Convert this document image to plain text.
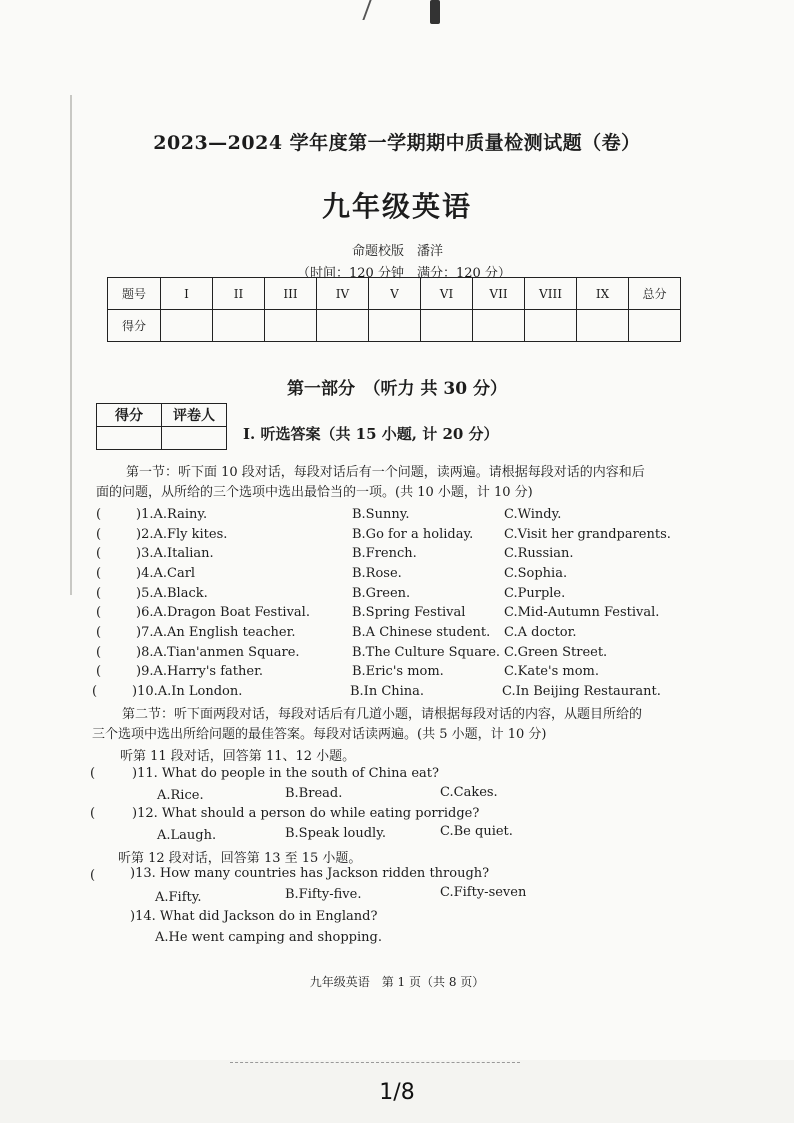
2023—2024 学年度第一学期期中质量检测试题（卷）
九年级英语
命题校版　潘洋
（时间：120 分钟　满分：120 分）
题号	I	II	III	IV	V	VI	VII	VIII	IX	总分
得分										
第一部分　（听力 共 30 分）
得分	评卷人

I. 听选答案（共 15 小题, 计 20 分）
第一节：听下面 10 段对话，每段对话后有一个问题，读两遍。请根据每段对话的内容和后
面的问题，从所给的三个选项中选出最恰当的一项。(共 10 小题，计 10 分)
(	)1.A.Rainy.	B.Sunny.	C.Windy.
(	)2.A.Fly kites.	B.Go for a holiday. C.Visit her grandparents.
(	)3.A.Italian.	B.French.	C.Russian.
(	)4.A.Carl	B.Rose.	C.Sophia.
(	)5.A.Black.	B.Green.	C.Purple.
(	)6.A.Dragon Boat Festival.	B.Spring Festival	C.Mid-Autumn Festival.
(	)7.A.An English teacher.	B.A Chinese student. C.A doctor.
(	)8.A.Tian'anmen Square.	B.The Culture Square. C.Green Street.
(	)9.A.Harry's father.	B.Eric's mom.	C.Kate's mom.
(	)10.A.In London.	B.In China.	C.In Beijing Restaurant.
第二节：听下面两段对话，每段对话后有几道小题，请根据每段对话的内容，从题目所给的
三个选项中选出所给问题的最佳答案。每段对话读两遍。(共 5 小题，计 10 分)
听第 11 段对话，回答第 11、12 小题。
(	)11. What do people in the south of China eat?
A.Rice.	B.Bread.	C.Cakes.
(	)12. What should a person do while eating porridge?
A.Laugh.	B.Speak loudly.	C.Be quiet.
听第 12 段对话，回答第 13 至 15 小题。
(	)13. How many countries has Jackson ridden through?
A.Fifty.	B.Fifty-five.	C.Fifty-seven
)14. What did Jackson do in England?
A.He went camping and shopping.
九年级英语　第 1 页（共 8 页）
1/8
